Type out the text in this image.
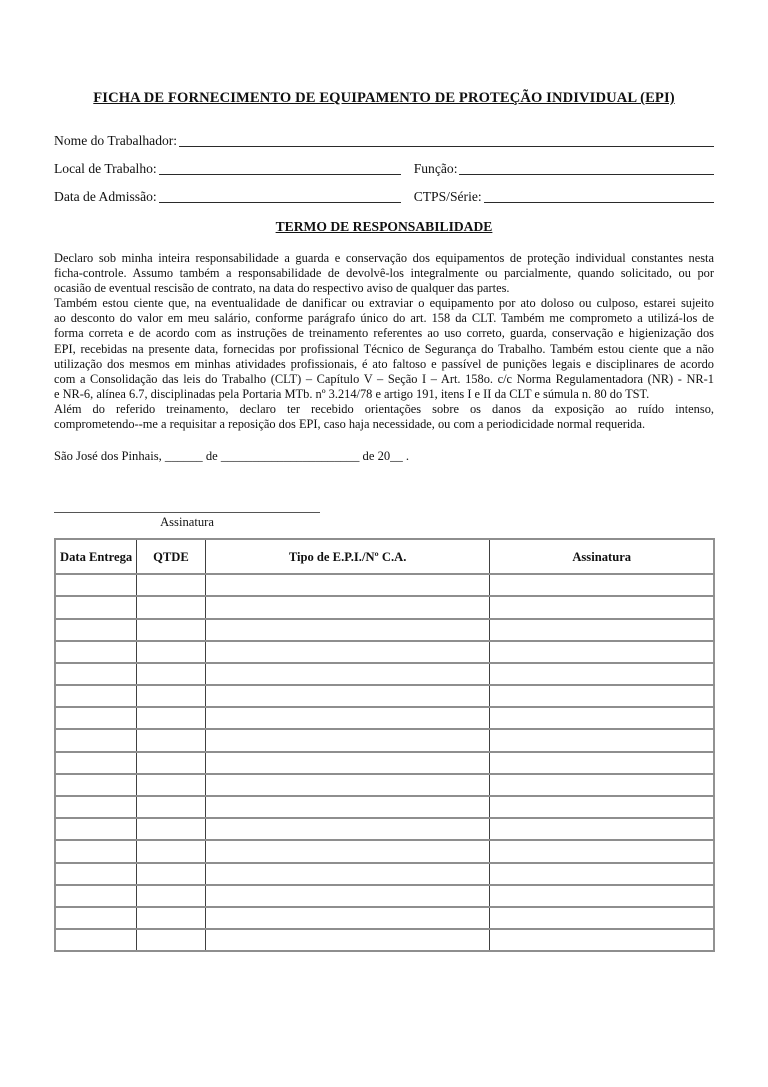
FICHA DE FORNECIMENTO DE EQUIPAMENTO DE PROTEÇÃO INDIVIDUAL (EPI)
Nome do Trabalhador:
Local de Trabalho:	Função:
Data de Admissão:	CTPS/Série:
TERMO DE RESPONSABILIDADE
Declaro sob minha inteira responsabilidade a guarda e conservação dos equipamentos de proteção individual constantes nesta
ficha-controle. Assumo também a responsabilidade de devolvê-los integralmente ou parcialmente, quando solicitado, ou por
ocasião de eventual rescisão de contrato, na data do respectivo aviso de qualquer das partes.
Também estou ciente que, na eventualidade de danificar ou extraviar o equipamento por ato doloso ou culposo, estarei sujeito
ao desconto do valor em meu salário, conforme parágrafo único do art. 158 da CLT. Também me comprometo a utilizá-los de
forma correta e de acordo com as instruções de treinamento referentes ao uso correto, guarda, conservação e higienização dos
EPI, recebidas na presente data, fornecidas por profissional Técnico de Segurança do Trabalho. Também estou ciente que a não
utilização dos mesmos em minhas atividades profissionais, é ato faltoso e passível de punições legais e disciplinares de acordo
com a Consolidação das leis do Trabalho (CLT) – Capítulo V – Seção I – Art. 158o. c/c Norma Regulamentadora (NR) - NR-1
e NR-6, alínea 6.7, disciplinadas pela Portaria MTb. nº 3.214/78 e artigo 191, itens I e II da CLT e súmula n. 80 do TST.
Além do referido treinamento, declaro ter recebido orientações sobre os danos da exposição ao ruído intenso,
comprometendo--me a requisitar a reposição dos EPI, caso haja necessidade, ou com a periodicidade normal requerida.

São José dos Pinhais, ______ de ______________________ de 20__ .

Assinatura
Data Entrega	QTDE	Tipo de E.P.I./Nº C.A.	Assinatura
